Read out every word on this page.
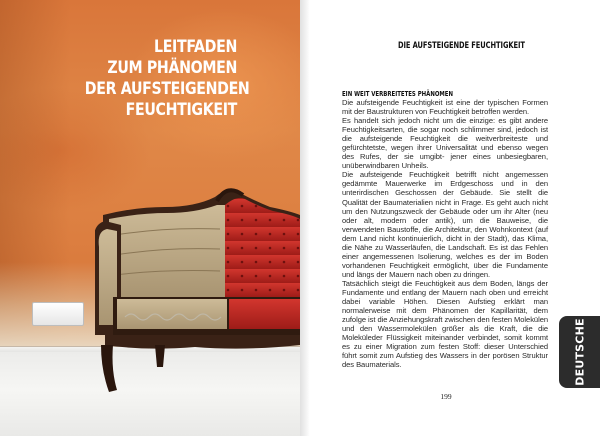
LEITFADEN
ZUM PHÄNOMEN
DER AUFSTEIGENDEN
FEUCHTIGKEIT
DIE AUFSTEIGENDE FEUCHTIGKEIT
EIN WEIT VERBREITETES PHÄNOMEN

Die aufsteigende Feuchtigkeit ist eine der typischen Formen mit der Baustrukturen von Feuchtigkeit betroffen werden.

Es handelt sich jedoch nicht um die einzige: es gibt andere Feuchtigkeitsarten, die sogar noch schlimmer sind, jedoch ist die aufsteigende Feuchtigkeit die weitverbreiteste und gefürchtetste, wegen ihrer Universalität und ebenso wegen des Rufes, der sie umgibt- jener eines unbesiegbaren, unüberwindbaren Unheils.

Die aufsteigende Feuchtigkeit betrifft nicht angemessen gedämmte Mauerwerke im Erdgeschoss und in den unterirdischen Geschossen der Gebäude. Sie stellt die Qualität der Baumaterialien nicht in Frage. Es geht auch nicht um den Nutzungszweck der Gebäude oder um ihr Alter (neu oder alt, modern oder antik), um die Bauweise, die verwendeten Baustoffe, die Architektur, den Wohnkontext (auf dem Land nicht kontinuierlich, dicht in der Stadt), das Klima, die Nähe zu Wasserläufen, die Landschaft. Es ist das Fehlen einer angemessenen Isolierung, welches es der im Boden vorhandenen Feuchtigkeit ermöglicht, über die Fundamente und längs der Mauern nach oben zu dringen.

Tatsächlich steigt die Feuchtigkeit aus dem Boden, längs der Fundamente und entlang der Mauern nach oben und erreicht dabei variable Höhen. Diesen Aufstieg erklärt man normalerweise mit dem Phänomen der Kapillarität, dem zufolge ist die Anziehungskraft zwischen den festen Molekülen und den Wassermolekülen größer als die Kraft, die die Moleküleder Flüssigkeit miteinander verbindet, somit kommt es zu einer Migration zum festen Stoff: dieser Unterschied führt somit zum Aufstieg des Wassers in der porösen Struktur des Baumaterials.

199
DEUTSCHE
